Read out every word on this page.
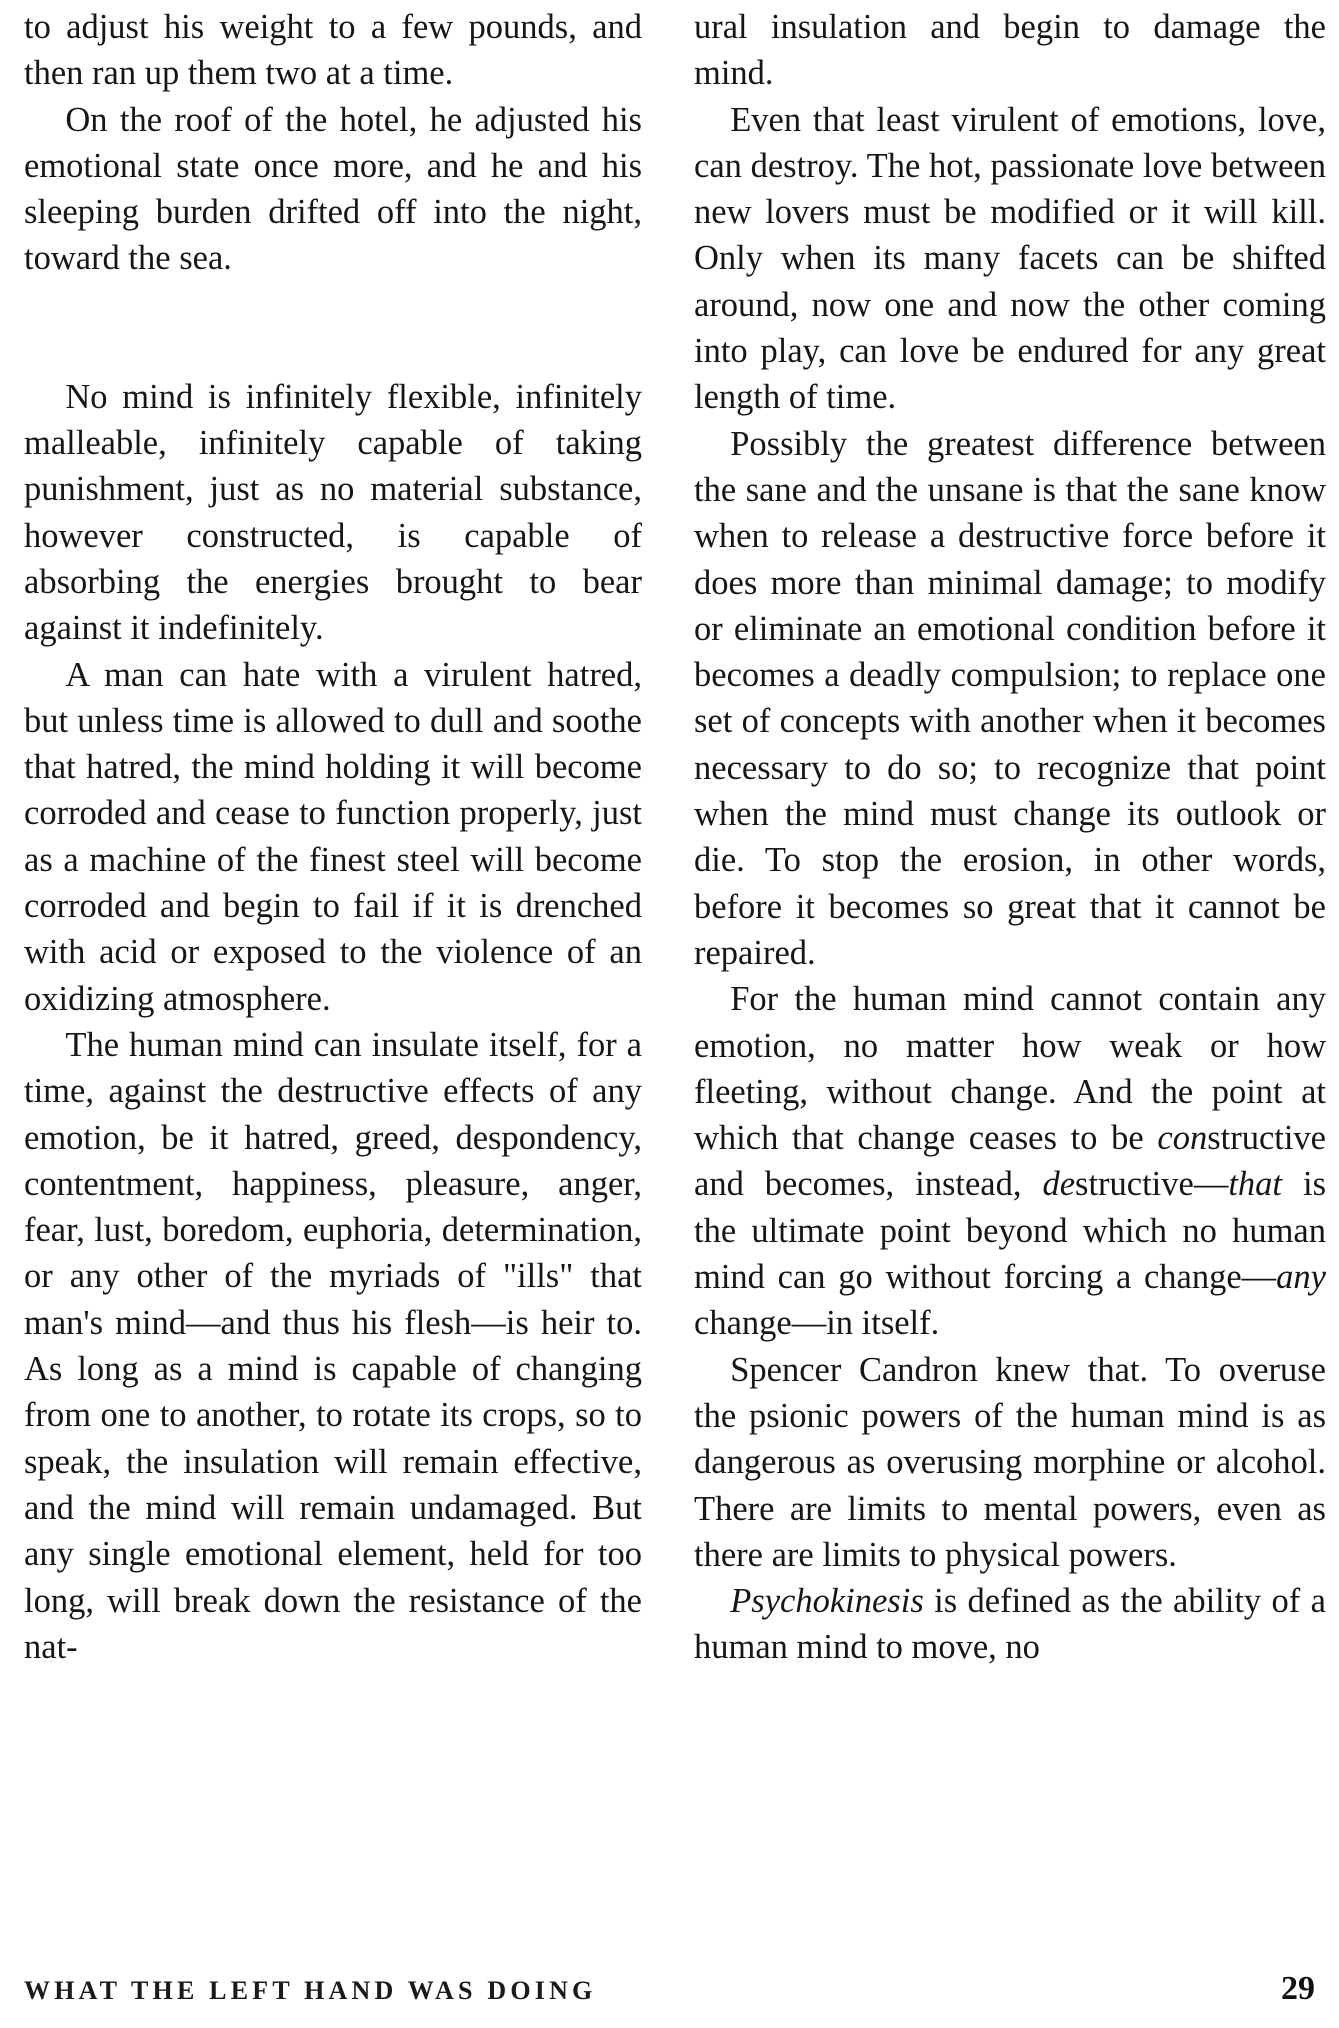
to adjust his weight to a few pounds, and then ran up them two at a time.

On the roof of the hotel, he adjusted his emotional state once more, and he and his sleeping burden drifted off into the night, toward the sea.

No mind is infinitely flexible, infinitely malleable, infinitely capable of taking punishment, just as no material substance, however constructed, is capable of absorbing the energies brought to bear against it indefinitely.

A man can hate with a virulent hatred, but unless time is allowed to dull and soothe that hatred, the mind holding it will become corroded and cease to function properly, just as a machine of the finest steel will become corroded and begin to fail if it is drenched with acid or exposed to the violence of an oxidizing atmosphere.

The human mind can insulate itself, for a time, against the destructive effects of any emotion, be it hatred, greed, despondency, contentment, happiness, pleasure, anger, fear, lust, boredom, euphoria, determination, or any other of the myriads of "ills" that man's mind—and thus his flesh—is heir to. As long as a mind is capable of changing from one to another, to rotate its crops, so to speak, the insulation will remain effective, and the mind will remain undamaged. But any single emotional element, held for too long, will break down the resistance of the nat-

ural insulation and begin to damage the mind.

Even that least virulent of emotions, love, can destroy. The hot, passionate love between new lovers must be modified or it will kill. Only when its many facets can be shifted around, now one and now the other coming into play, can love be endured for any great length of time.

Possibly the greatest difference between the sane and the unsane is that the sane know when to release a destructive force before it does more than minimal damage; to modify or eliminate an emotional condition before it becomes a deadly compulsion; to replace one set of concepts with another when it becomes necessary to do so; to recognize that point when the mind must change its outlook or die. To stop the erosion, in other words, before it becomes so great that it cannot be repaired.

For the human mind cannot contain any emotion, no matter how weak or how fleeting, without change. And the point at which that change ceases to be constructive and becomes, instead, destructive—that is the ultimate point beyond which no human mind can go without forcing a change—any change—in itself.

Spencer Candron knew that. To overuse the psionic powers of the human mind is as dangerous as overusing morphine or alcohol. There are limits to mental powers, even as there are limits to physical powers.

Psychokinesis is defined as the ability of a human mind to move, no

WHAT THE LEFT HAND WAS DOING	29
